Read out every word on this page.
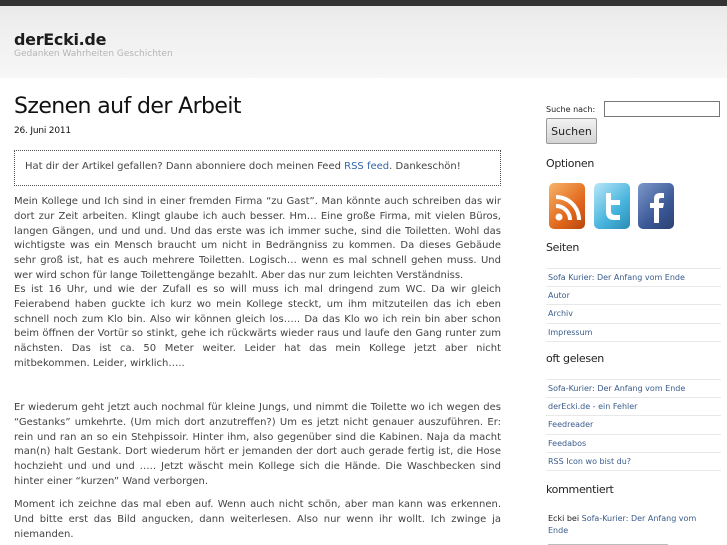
derEcki.de
Gedanken Wahrheiten Geschichten
Szenen auf der Arbeit
26. Juni 2011
Hat dir der Artikel gefallen? Dann abonniere doch meinen Feed RSS feed. Dankeschön!

Mein Kollege und Ich sind in einer fremden Firma “zu Gast”. Man könnte auch schreiben das wir dort zur Zeit arbeiten. Klingt glaube ich auch besser. Hm… Eine große Firma, mit vielen Büros, langen Gängen, und und und. Und das erste was ich immer suche, sind die Toiletten. Wohl das wichtigste was ein Mensch braucht um nicht in Bedrängniss zu kommen. Da dieses Gebäude sehr groß ist, hat es auch mehrere Toiletten. Logisch… wenn es mal schnell gehen muss. Und wer wird schon für lange Toilettengänge bezahlt. Aber das nur zum leichten Verständniss.

Es ist 16 Uhr, und wie der Zufall es so will muss ich mal dringend zum WC. Da wir gleich Feierabend haben guckte ich kurz wo mein Kollege steckt, um ihm mitzuteilen das ich eben schnell noch zum Klo bin. Also wir können gleich los….. Da das Klo wo ich rein bin aber schon beim öffnen der Vortür so stinkt, gehe ich rückwärts wieder raus und laufe den Gang runter zum nächsten. Das ist ca. 50 Meter weiter. Leider hat das mein Kollege jetzt aber nicht mitbekommen. Leider, wirklich…..

Er wiederum geht jetzt auch nochmal für kleine Jungs, und nimmt die Toilette wo ich wegen des “Gestanks” umkehrte. (Um mich dort anzutreffen?) Um es jetzt nicht genauer auszuführen. Er: rein und ran an so ein Stehpissoir. Hinter ihm, also gegenüber sind die Kabinen. Naja da macht man(n) halt Gestank. Dort wiederum hört er jemanden der dort auch gerade fertig ist, die Hose hochzieht und und und ….. Jetzt wäscht mein Kollege sich die Hände. Die Waschbecken sind hinter einer “kurzen” Wand verborgen.

Moment ich zeichne das mal eben auf. Wenn auch nicht schön, aber man kann was erkennen. Und bitte erst das Bild angucken, dann weiterlesen. Also nur wenn ihr wollt. Ich zwinge ja niemanden.

Suche nach:
Suchen
Optionen
Seiten
Sofa Kurier: Der Anfang vom Ende
Autor
Archiv
Impressum
oft gelesen
Sofa-Kurier: Der Anfang vom Ende
derEcki.de - ein Fehler
Feedreader
Feedabos
RSS Icon wo bist du?
kommentiert
Ecki bei Sofa-Kurier: Der Anfang vom Ende
